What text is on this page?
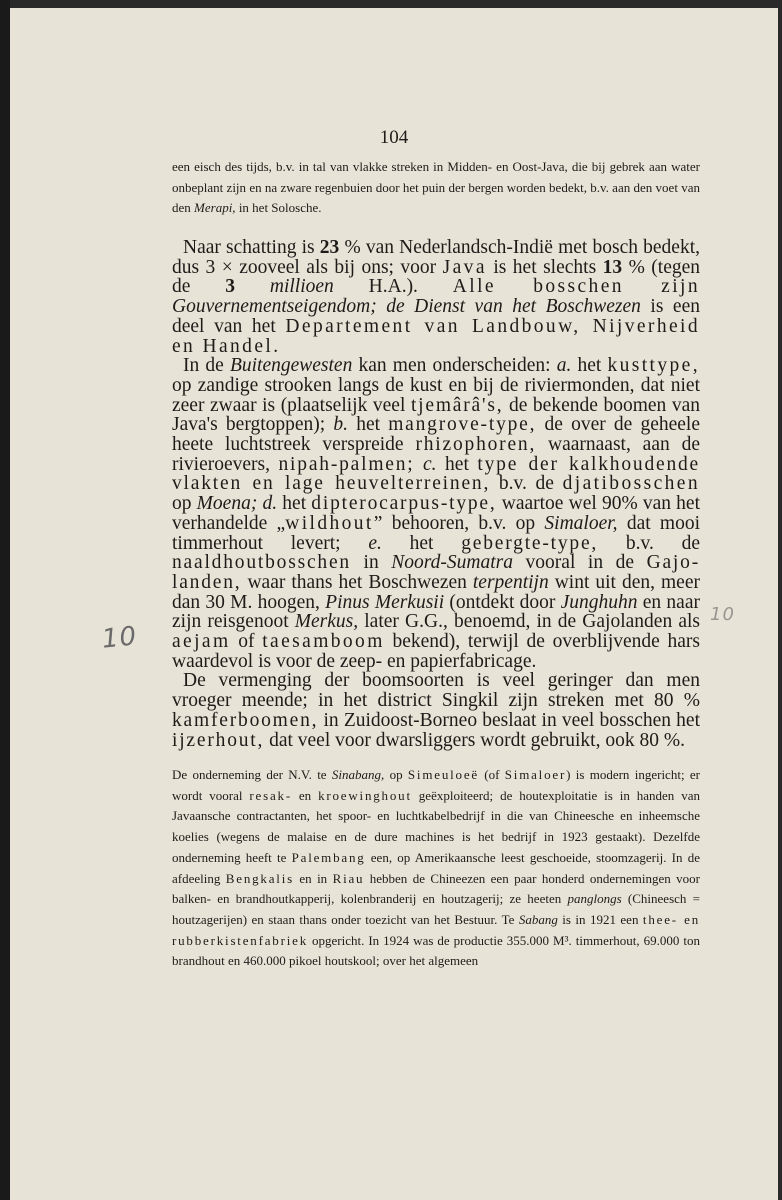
104

een eisch des tijds, b.v. in tal van vlakke streken in Midden- en Oost-Java, die bij gebrek aan water onbeplant zijn en na zware regenbuien door het puin der bergen worden bedekt, b.v. aan den voet van den Merapi, in het Solosche.

Naar schatting is 23 % van Nederlandsch-Indië met bosch bedekt, dus 3 × zooveel als bij ons; voor Java is het slechts 13 % (tegen de 3 millioen H.A.). Alle bosschen zijn Gouvernementseigendom; de Dienst van het Boschwezen is een deel van het Departement van Landbouw, Nijverheid en Handel.

In de Buitengewesten kan men onderscheiden: a. het kusttype, op zandige strooken langs de kust en bij de riviermonden, dat niet zeer zwaar is (plaatselijk veel tjemârâ's, de bekende boomen van Java's bergtoppen); b. het mangrove-type, de over de geheele heete luchtstreek verspreide rhizophoren, waarnaast, aan de rivieroevers, nipah-palmen; c. het type der kalkhoudende vlakten en lage heuvelterreinen, b.v. de djatibosschen op Moena; d. het dipterocarpus-type, waartoe wel 90% van het verhandelde „wildhout” behooren, b.v. op Simaloer, dat mooi timmerhout levert; e. het gebergte-type, b.v. de naaldhoutbosschen in Noord-Sumatra vooral in de Gajo-landen, waar thans het Boschwezen terpentijn wint uit den, meer dan 30 M. hoogen, Pinus Merkusii (ontdekt door Junghuhn en naar zijn reisgenoot Merkus, later G.G., benoemd, in de Gajolanden als aejam of taesamboom bekend), terwijl de overblijvende hars waardevol is voor de zeep- en papierfabricage.

De vermenging der boomsoorten is veel geringer dan men vroeger meende; in het district Singkil zijn streken met 80 % kamferboomen, in Zuidoost-Borneo beslaat in veel bosschen het ijzerhout, dat veel voor dwarsliggers wordt gebruikt, ook 80 %.

De onderneming der N.V. te Sinabang, op Simeuloeë (of Simaloer) is modern ingericht; er wordt vooral resak- en kroewinghout geëxploiteerd; de houtexploitatie is in handen van Javaansche contractanten, het spoor- en luchtkabelbedrijf in die van Chineesche en inheemsche koelies (wegens de malaise en de dure machines is het bedrijf in 1923 gestaakt). Dezelfde onderneming heeft te Palembang een, op Amerikaansche leest geschoeide, stoomzagerij. In de afdeeling Bengkalis en in Riau hebben de Chineezen een paar honderd ondernemingen voor balken- en brandhoutkapperij, kolenbranderij en houtzagerij; ze heeten panglongs (Chineesch = houtzagerijen) en staan thans onder toezicht van het Bestuur. Te Sabang is in 1921 een thee- en rubberkistenfabriek opgericht. In 1924 was de productie 355.000 M³. timmerhout, 69.000 ton brandhout en 460.000 pikoel houtskool; over het algemeen

10
10
